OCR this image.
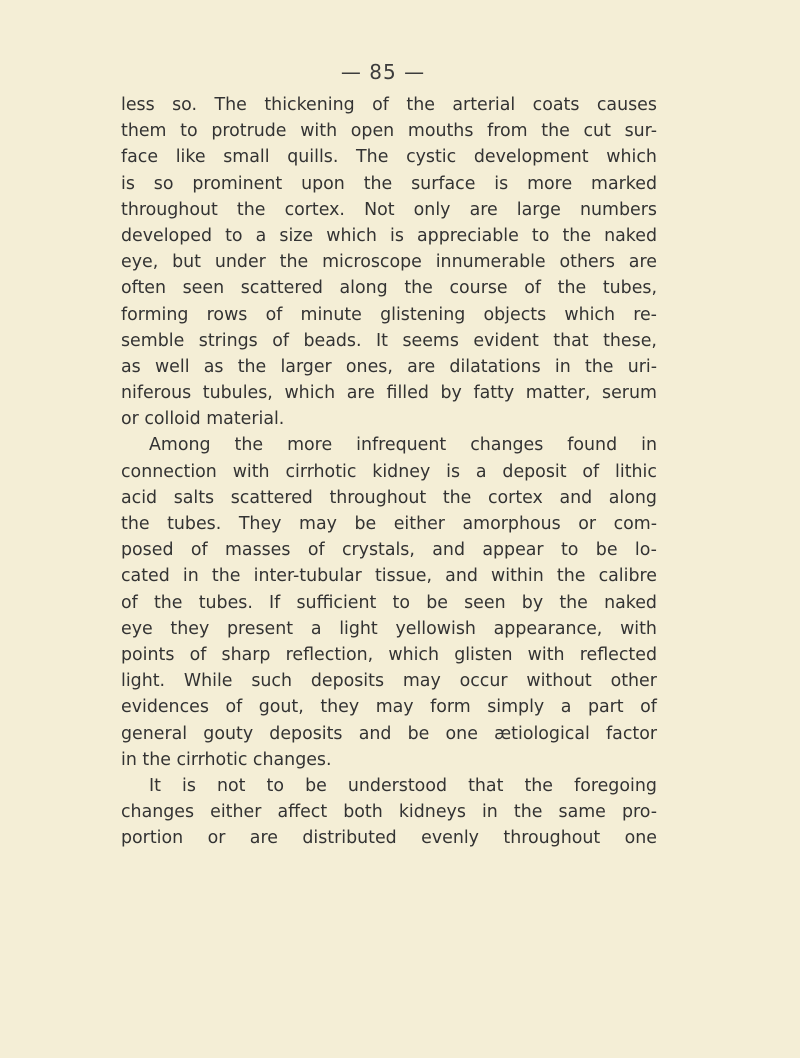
— 85 —
less so. The thickening of the arterial coats causes
them to protrude with open mouths from the cut sur-
face like small quills. The cystic development which
is so prominent upon the surface is more marked
throughout the cortex. Not only are large numbers
developed to a size which is appreciable to the naked
eye, but under the microscope innumerable others are
often seen scattered along the course of the tubes,
forming rows of minute glistening objects which re-
semble strings of beads. It seems evident that these,
as well as the larger ones, are dilatations in the uri-
niferous tubules, which are filled by fatty matter, serum
or colloid material.
Among the more infrequent changes found in
connection with cirrhotic kidney is a deposit of lithic
acid salts scattered throughout the cortex and along
the tubes. They may be either amorphous or com-
posed of masses of crystals, and appear to be lo-
cated in the inter-tubular tissue, and within the calibre
of the tubes. If sufficient to be seen by the naked
eye they present a light yellowish appearance, with
points of sharp reflection, which glisten with reflected
light. While such deposits may occur without other
evidences of gout, they may form simply a part of
general gouty deposits and be one ætiological factor
in the cirrhotic changes.
It is not to be understood that the foregoing
changes either affect both kidneys in the same pro-
portion or are distributed evenly throughout one
